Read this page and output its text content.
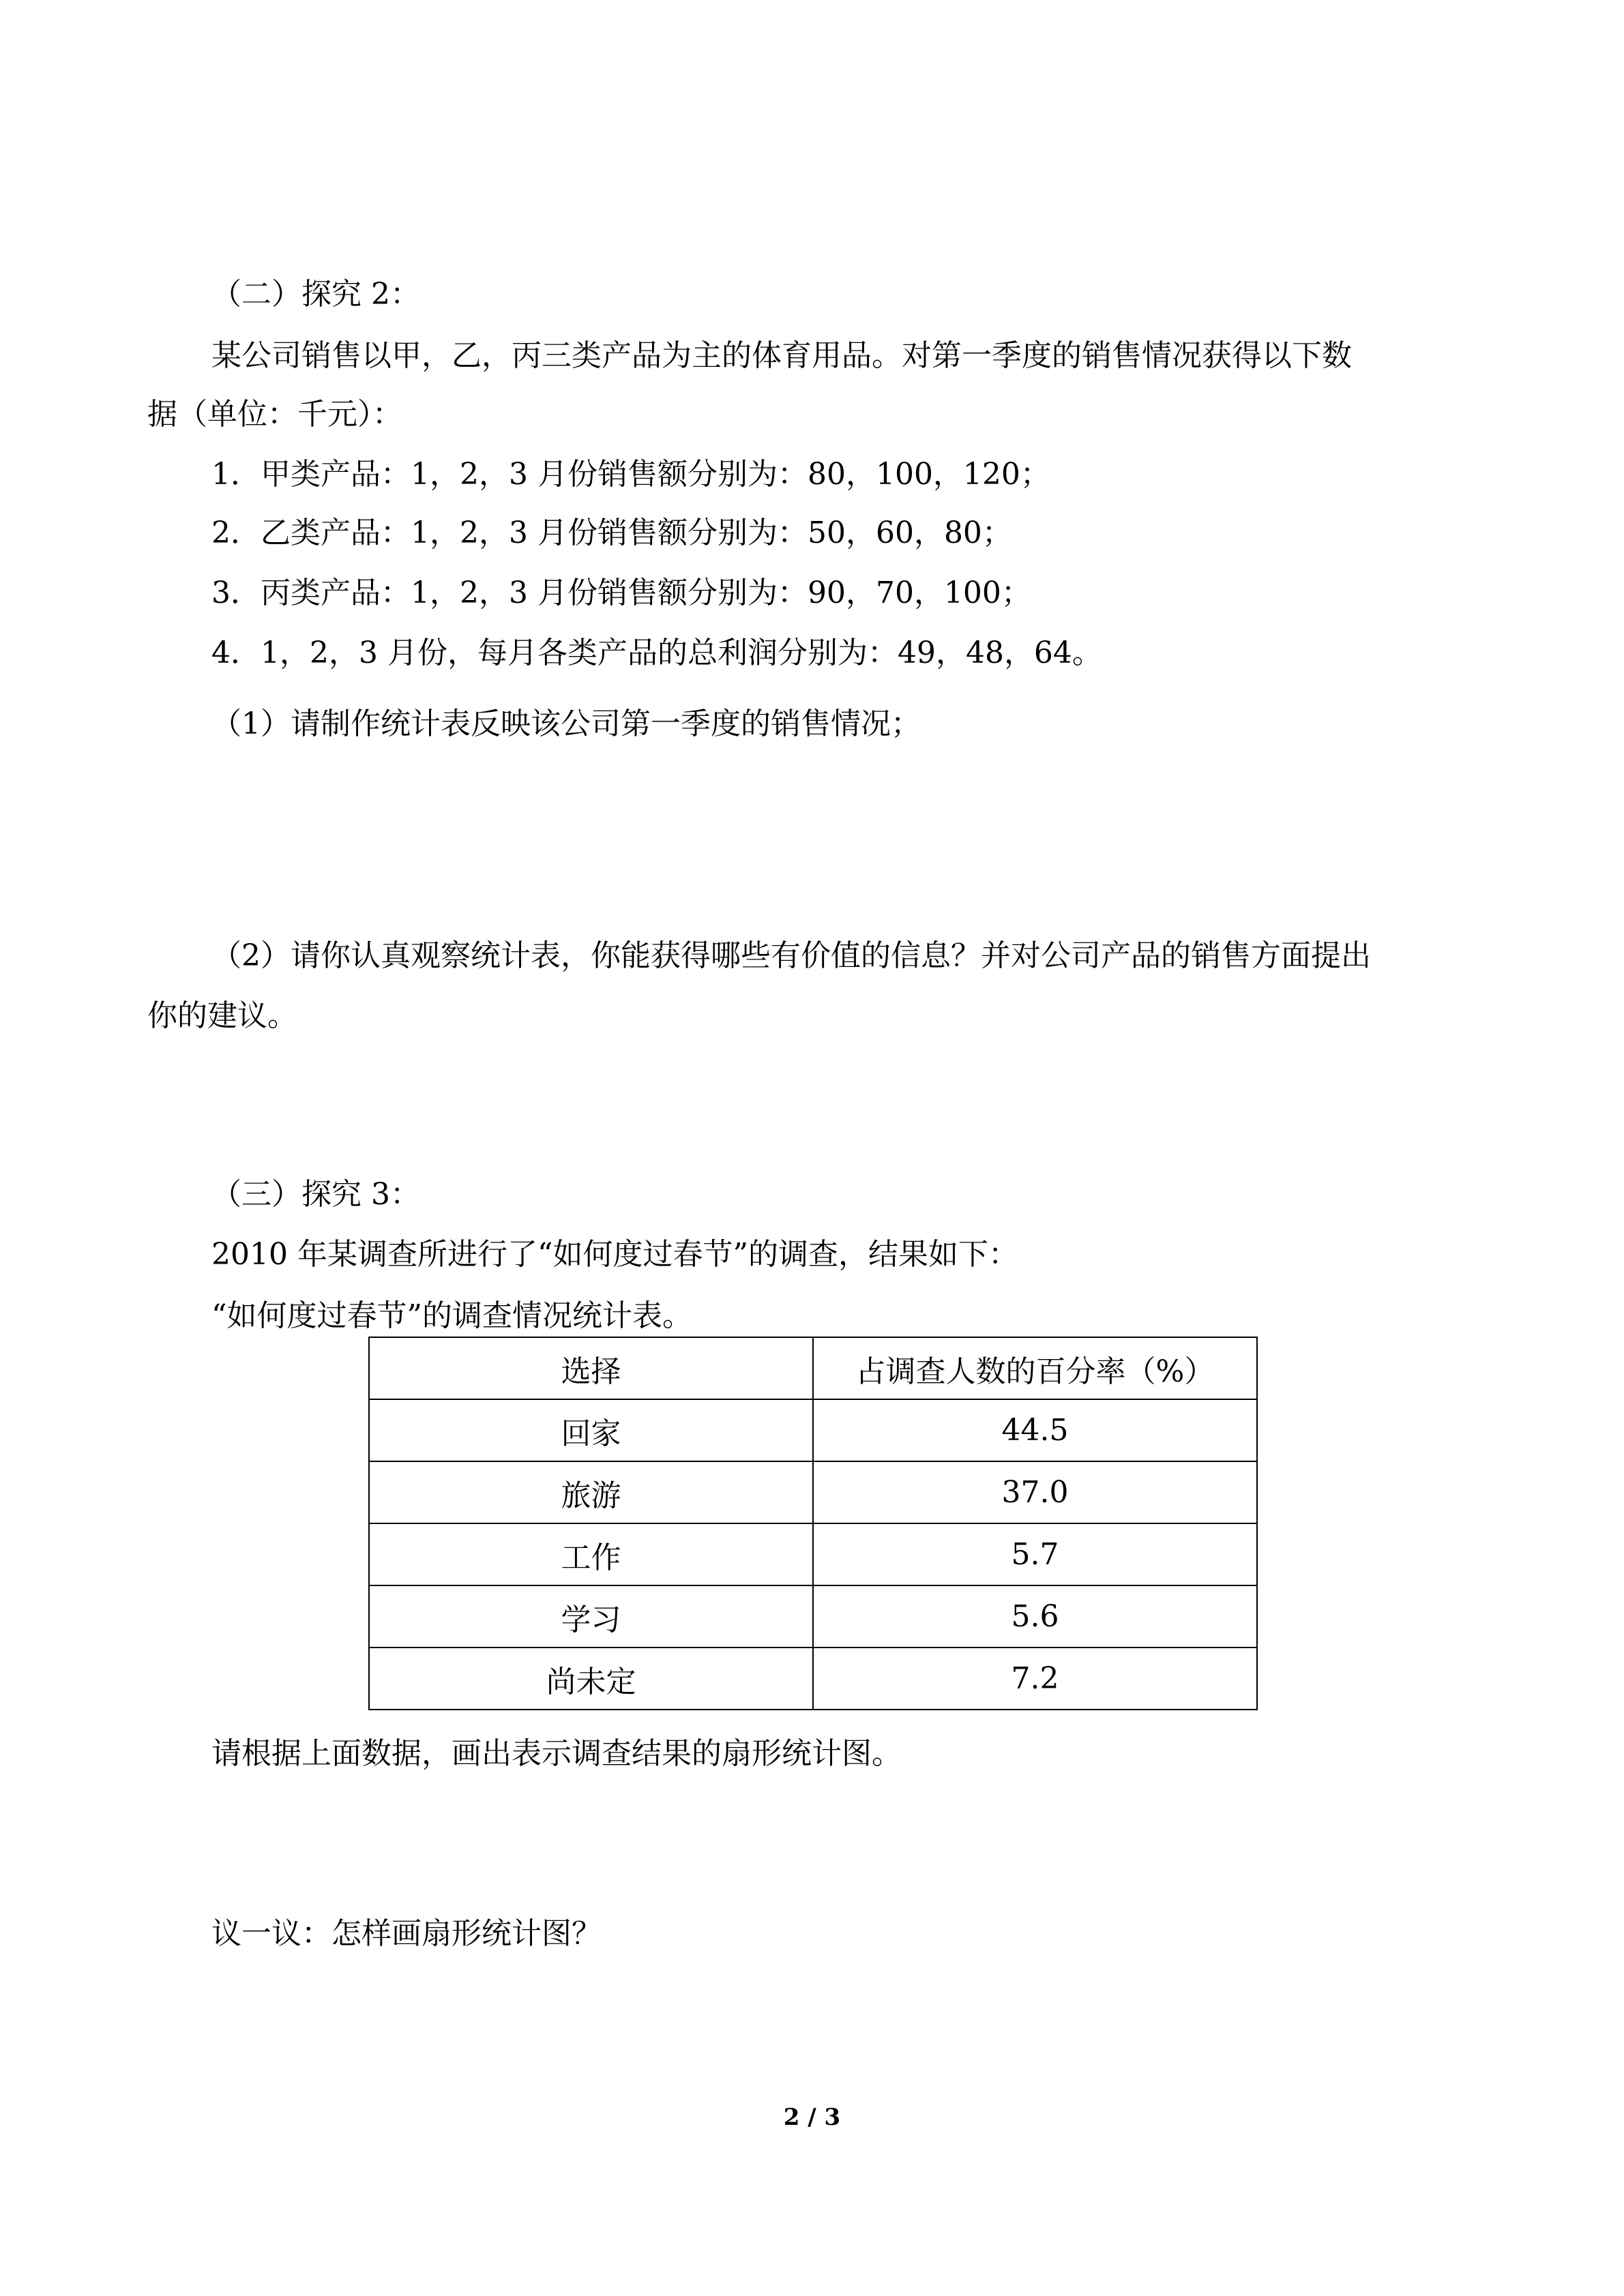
（二）探究 2：
某公司销售以甲，乙，丙三类产品为主的体育用品。对第一季度的销售情况获得以下数
据（单位：千元）：
1．甲类产品：1，2，3 月份销售额分别为：80，100，120；
2．乙类产品：1，2，3 月份销售额分别为：50，60，80；
3．丙类产品：1，2，3 月份销售额分别为：90，70，100；
4．1，2，3 月份，每月各类产品的总利润分别为：49，48，64。
（1）请制作统计表反映该公司第一季度的销售情况；
（2）请你认真观察统计表，你能获得哪些有价值的信息？并对公司产品的销售方面提出
你的建议。
（三）探究 3：
2010 年某调查所进行了“如何度过春节”的调查，结果如下：
“如何度过春节”的调查情况统计表。
选择	占调查人数的百分率（%）
回家	44.5
旅游	37.0
工作	5.7
学习	5.6
尚未定	7.2
请根据上面数据，画出表示调查结果的扇形统计图。
议一议：怎样画扇形统计图？
2 / 3
